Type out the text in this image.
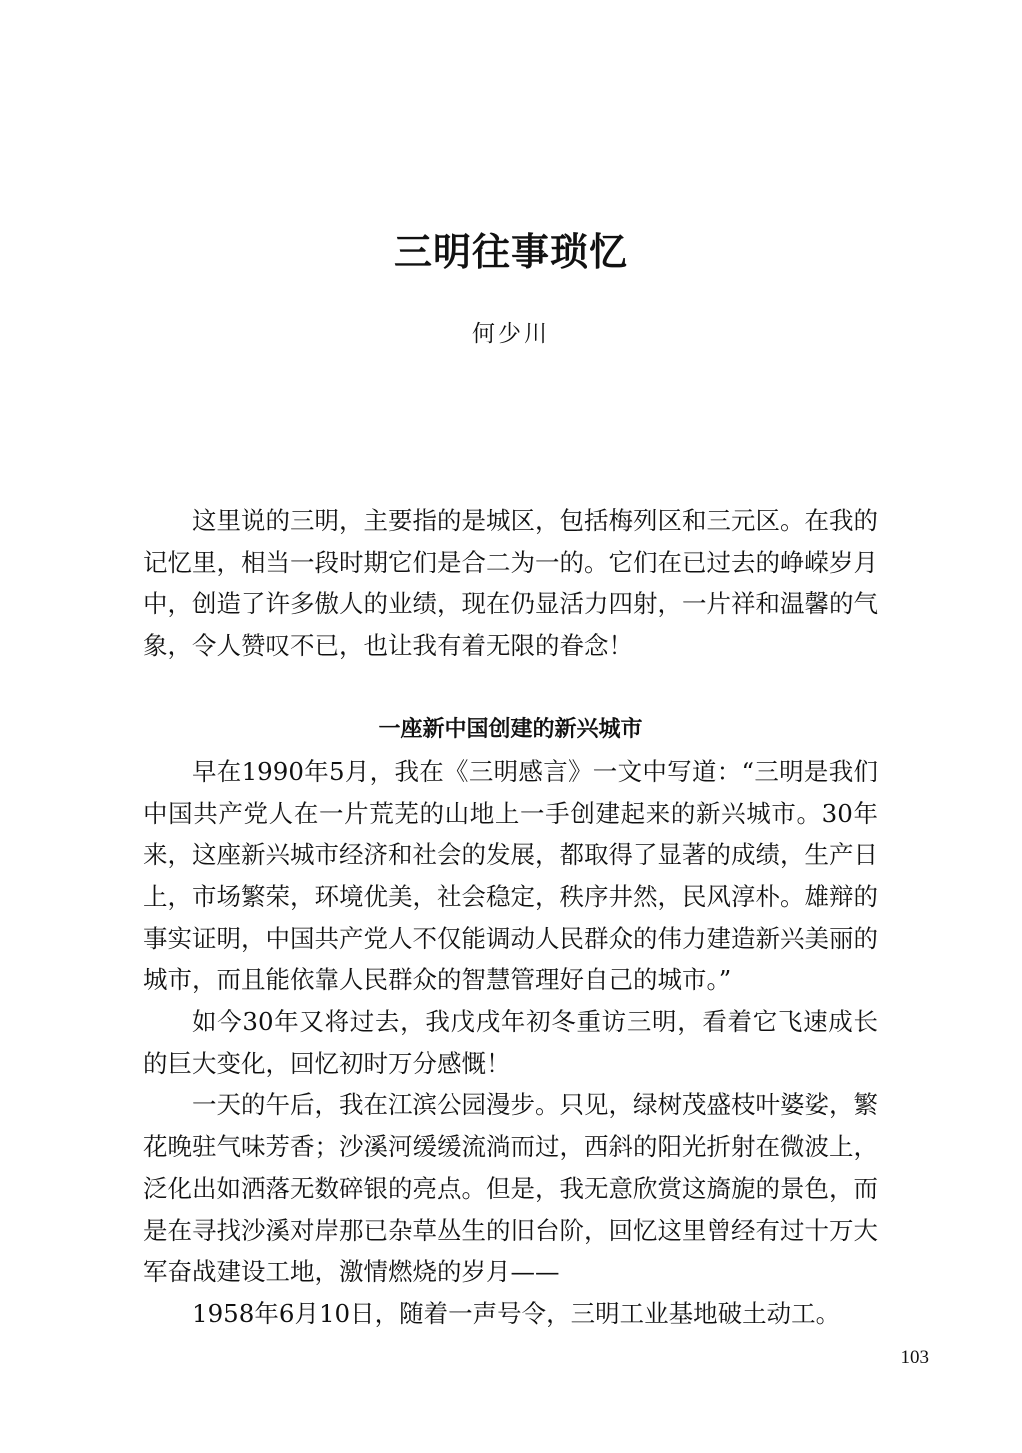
三明往事琐忆
何少川

这里说的三明，主要指的是城区，包括梅列区和三元区。在我的记忆里，相当一段时期它们是合二为一的。它们在已过去的峥嵘岁月中，创造了许多傲人的业绩，现在仍显活力四射，一片祥和温馨的气象，令人赞叹不已，也让我有着无限的眷念！

一座新中国创建的新兴城市

早在1990年5月，我在《三明感言》一文中写道：“三明是我们中国共产党人在一片荒芜的山地上一手创建起来的新兴城市。30年来，这座新兴城市经济和社会的发展，都取得了显著的成绩，生产日上，市场繁荣，环境优美，社会稳定，秩序井然，民风淳朴。雄辩的事实证明，中国共产党人不仅能调动人民群众的伟力建造新兴美丽的城市，而且能依靠人民群众的智慧管理好自己的城市。”

如今30年又将过去，我戊戌年初冬重访三明，看着它飞速成长的巨大变化，回忆初时万分感慨！

一天的午后，我在江滨公园漫步。只见，绿树茂盛枝叶婆娑，繁花晚驻气味芳香；沙溪河缓缓流淌而过，西斜的阳光折射在微波上，泛化出如洒落无数碎银的亮点。但是，我无意欣赏这旖旎的景色，而是在寻找沙溪对岸那已杂草丛生的旧台阶，回忆这里曾经有过十万大军奋战建设工地，激情燃烧的岁月——

1958年6月10日，随着一声号令，三明工业基地破土动工。

103
